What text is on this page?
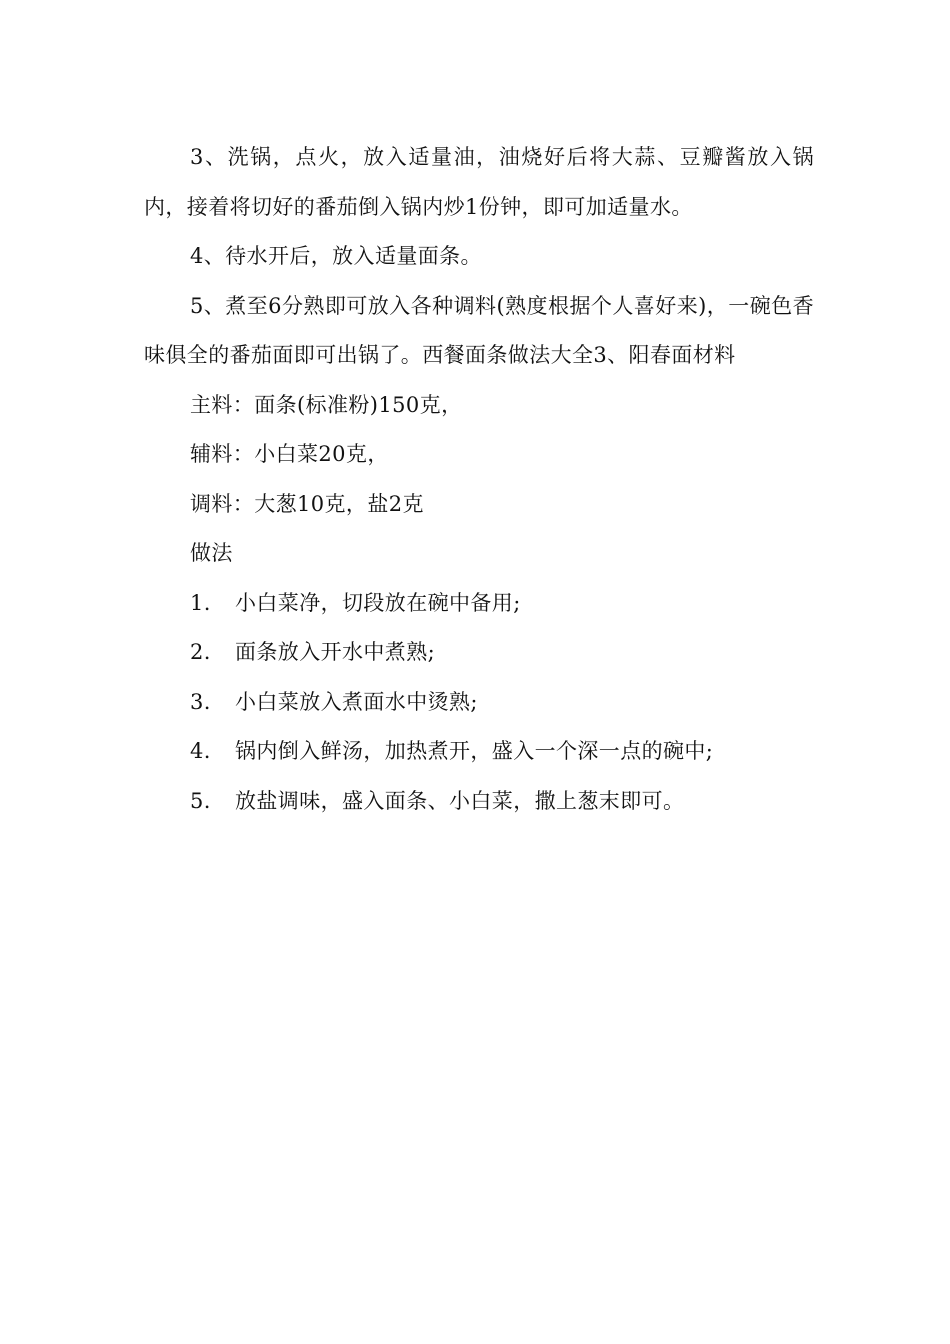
3、洗锅，点火，放入适量油，油烧好后将大蒜、豆瓣酱放入锅内，接着将切好的番茄倒入锅内炒1份钟，即可加适量水。

4、待水开后，放入适量面条。

5、煮至6分熟即可放入各种调料(熟度根据个人喜好来)，一碗色香味俱全的番茄面即可出锅了。西餐面条做法大全3、阳春面材料

主料：面条(标准粉)150克，

辅料：小白菜20克，

调料：大葱10克，盐2克

做法

1.	小白菜净，切段放在碗中备用;
2.	面条放入开水中煮熟;
3.	小白菜放入煮面水中烫熟;
4.	锅内倒入鲜汤，加热煮开，盛入一个深一点的碗中;
5.	放盐调味，盛入面条、小白菜，撒上葱末即可。
